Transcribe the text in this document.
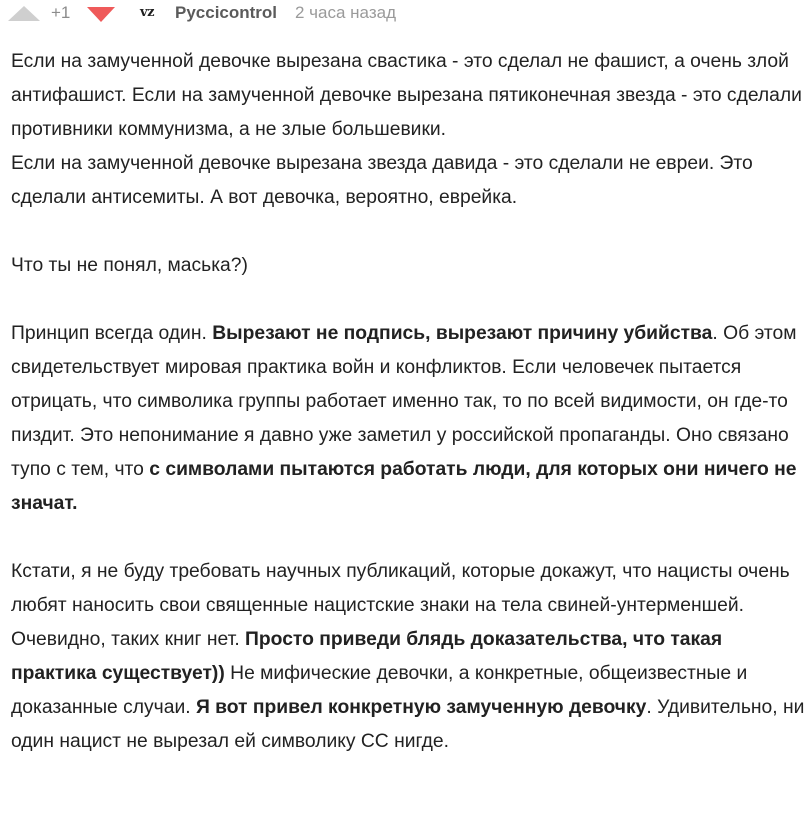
+1	vz	Pyccicontrol 2 часа назад

Если на замученной девочке вырезана свастика - это сделал не фашист, а очень злой антифашист. Если на замученной девочке вырезана пятиконечная звезда - это сделали противники коммунизма, а не злые большевики.
Если на замученной девочке вырезана звезда давида - это сделали не евреи. Это сделали антисемиты. А вот девочка, вероятно, еврейка.

Что ты не понял, маська?)

Принцип всегда один. Вырезают не подпись, вырезают причину убийства. Об этом свидетельствует мировая практика войн и конфликтов. Если человечек пытается отрицать, что символика группы работает именно так, то по всей видимости, он где-то пиздит. Это непонимание я давно уже заметил у российской пропаганды. Оно связано тупо с тем, что с символами пытаются работать люди, для которых они ничего не значат.

Кстати, я не буду требовать научных публикаций, которые докажут, что нацисты очень любят наносить свои священные нацистские знаки на тела свиней-унтерменшей. Очевидно, таких книг нет. Просто приведи блядь доказательства, что такая практика существует)) Не мифические девочки, а конкретные, общеизвестные и доказанные случаи. Я вот привел конкретную замученную девочку. Удивительно, ни один нацист не вырезал ей символику СС нигде.
